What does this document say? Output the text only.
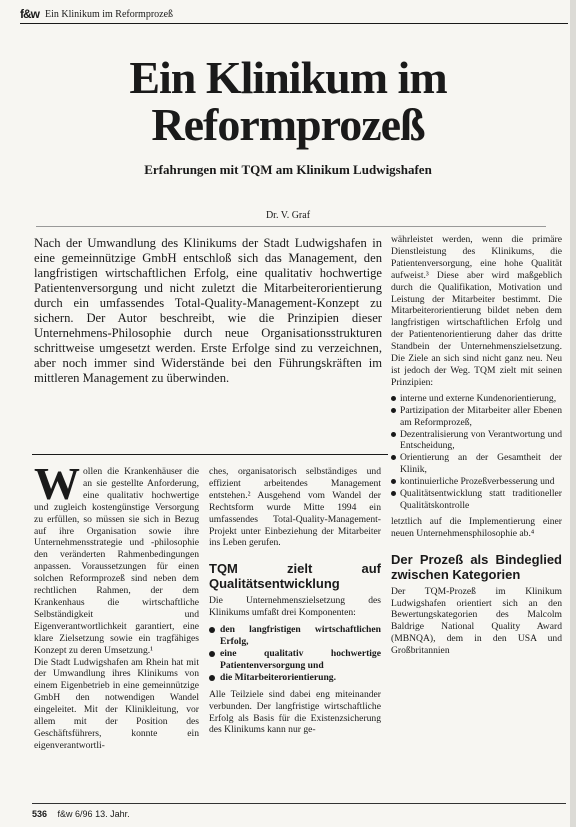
f&w Ein Klinikum im Reformprozeß
Ein Klinikum im
Reformprozeß
Erfahrungen mit TQM am Klinikum Ludwigshafen
Dr. V. Graf
Nach der Umwandlung des Klinikums der Stadt Ludwigshafen in eine gemeinnützige GmbH entschloß sich das Management, den langfristigen wirtschaftlichen Erfolg, eine qualitativ hochwertige Patientenversorgung und nicht zuletzt die Mitarbeiterorientierung durch ein umfassendes Total-Quality-Management-Konzept zu sichern. Der Autor beschreibt, wie die Prinzipien dieser Unternehmens-Philosophie durch neue Organisationsstrukturen schrittweise umgesetzt werden. Erste Erfolge sind zu verzeichnen, aber noch immer sind Widerstände bei den Führungskräften im mittleren Management zu überwinden.

Wollen die Krankenhäuser die an sie gestellte Anforderung, eine qualitativ hochwertige und zugleich kostengünstige Versorgung zu erfüllen, so müssen sie sich in Bezug auf ihre Organisation sowie ihre Unternehmensstrategie und -philosophie den veränderten Rahmenbedingungen anpassen. Voraussetzungen für einen solchen Reformprozeß sind neben dem rechtlichen Rahmen, der dem Krankenhaus die wirtschaftliche Selbständigkeit und Eigenverantwortlichkeit garantiert, eine klare Zielsetzung sowie ein tragfähiges Konzept zu deren Umsetzung.¹

Die Stadt Ludwigshafen am Rhein hat mit der Umwandlung ihres Klinikums von einem Eigenbetrieb in eine gemeinnützige GmbH den notwendigen Wandel eingeleitet. Mit der Klinikleitung, vor allem mit der Position des Geschäftsführers, konnte ein eigenverantwortli-

ches, organisatorisch selbständiges und effizient arbeitendes Management entstehen.² Ausgehend vom Wandel der Rechtsform wurde Mitte 1994 ein umfassendes Total-Quality-Management-Projekt unter Einbeziehung der Mitarbeiter ins Leben gerufen.

TQM zielt auf Qualitätsentwicklung

Die Unternehmenszielsetzung des Klinikums umfaßt drei Komponenten:

den langfristigen wirtschaftlichen Erfolg,
eine qualitativ hochwertige Patientenversorgung und
die Mitarbeiterorientierung.

Alle Teilziele sind dabei eng miteinander verbunden. Der langfristige wirtschaftliche Erfolg als Basis für die Existenzsicherung des Klinikums kann nur ge-

währleistet werden, wenn die primäre Dienstleistung des Klinikums, die Patientenversorgung, eine hohe Qualität aufweist.³ Diese aber wird maßgeblich durch die Qualifikation, Motivation und Leistung der Mitarbeiter bestimmt. Die Mitarbeiterorientierung bildet neben dem langfristigen wirtschaftlichen Erfolg und der Patientenorientierung daher das dritte Standbein der Unternehmenszielsetzung. Die Ziele an sich sind nicht ganz neu. Neu ist jedoch der Weg. TQM zielt mit seinen Prinzipien:

interne und externe Kundenorientierung,
Partizipation der Mitarbeiter aller Ebenen am Reformprozeß,
Dezentralisierung von Verantwortung und Entscheidung,
Orientierung an der Gesamtheit der Klinik,
kontinuierliche Prozeßverbesserung und
Qualitätsentwicklung statt traditioneller Qualitätskontrolle

letztlich auf die Implementierung einer neuen Unternehmensphilosophie ab.⁴

Der Prozeß als Bindeglied zwischen Kategorien

Der TQM-Prozeß im Klinikum Ludwigshafen orientiert sich an den Bewertungskategorien des Malcolm Baldrige National Quality Award (MBNQA), dem in den USA und Großbritannien

536 f&w 6/96 13. Jahr.
